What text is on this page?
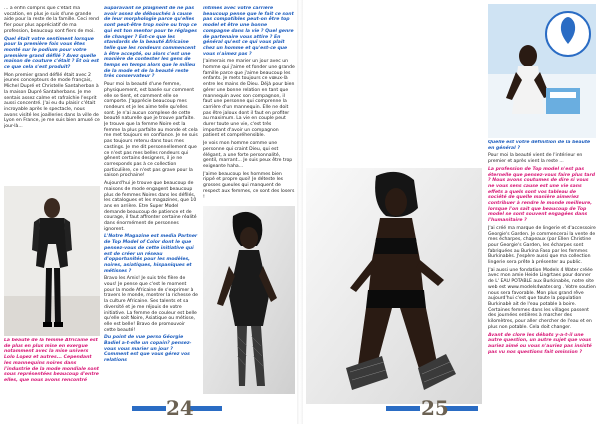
... a enfin compris que c'était ma vocation, en plus je suis d'une grande aide pour la reste de la famille. Ceci rend fier pour plus appréciatif de ma profession, beaucoup sont fiers de moi.

Quel était votre sentiment lorsque pour la première fois vous êtes monté sur le podium pour votre première grand défilé ? Avez quelle maison de couture c'était ? Et où est ce que cela s'est produit?

Mon premier grand défilé était avec 2 jeunes concepteurs de mode français, Michel Dupré et Christelle Santaherban à la maison Dupré Santaherbans. Je me sentais assez calme et rafraîchie l'esprit aussi concentré. J'ai eu du plaisir c'était incroyable après le spectacle, nous avons visité les joailleries dans la ville de Lyon en France, je me suis bien amusé ce jour-là...

La beauté de la femme Africaine est de plus en plus mise en exergue notamment avec la mise univers Lolo Lopez et autres... Cependant les mannequins noires dans l'industrie de la mode mondiale sont sous représentées beaucoup d'entre elles, que nous avons rencontré

auparavant se plaignent de ne pas avoir assez de débouchés à cause de leur morphologie parce qu'elles sont peut-être trop noire ou trop ce qui est ton mentor pour te réglages de changer ? Est-ce que les standards de la beauté Africaine telle que les rondeurs commencent à être accepté, ou alors c'est une manière de contester les gens de temps en temps alors que le milieu de la mode et de la beauté reste très conservateur ?

Pour moi la beauté d'une femme, physiquement, est basée sur comment elle se tient, et comment elle se comporte. J'apprécie beaucoup mes rondeurs et je les aime telle qu'elles sont. Je n'ai aucun complexe de cette beauté naturelle que je trouve parfaite. Je trouve que la femme Noire est la femme la plus parfaite au monde et cela me met toujours en confiance. Je ne suis pas toujours retenu dans tous mes castings. Je me dit personnellement que ce n'est pas mes belles rondeurs qui gênent certains designers, il je ne corresponds pas à ce collection particulière, ce n'est pas grave pour la saison prochaine!

Aujourd'hui je trouve que beaucoup de maisons de mode engagent beaucoup plus de femmes Noires dans les défilés, les catalogues et les magazines, que 10 ans en arrière. Etre Super Model demande beaucoup de patience et de courage, il faut affronter certaine réalité dans énormément de personnes ignorent.

L'Notre Magazine est media Partner de Top Model of Color dont le que pensez-vous de cette initiative qui est de créer un réseau d'opportunités pour les modèles, noires, asiatiques, hispaniques et métisses ?

Bravo les Amis! Je suis très fière de vous! Je pense que c'est le moment pour la mode Africaine de s'exprimer à travers le monde, montrer la richesse de la culture Africaine. Ses talents et sa diversité et je me réjouis de votre initiative. La femme de couleur est belle qu'elle soit Noire, Asiatique ou métisse, elle est belle! Bravo de promouvoir cette beauté!

Du point de vue perso Géorgie Badiel a-t-elle un copain? pensez-vous vous marier un jour ? Comment est que vous gérez vos relations

intimes avec votre carrière beaucoup pense que le fait ce sont pas compatibles peut-on être top model et être une bonne compagne dans la vie ? Quel genre de partenaire vous attire ? En général qu'est ce qui vous plait chez un homme et qu'est-ce que vous n'aimez pas ?

J'aimerais me marier un jour avec un homme qui j'aime et fonder une grande famille parce que j'aime beaucoup les enfants. Je mets toujours ce vœux-là entre les mains de Dieu. Déjà pour bien gérer une bonne relation en tant que mannequin avec son compagnon, il faut une personne qui comprenne la carrière d'un mannequin. Elle ne doit pas être jaloux dont il faut en profiter au maximum. La vie en couple peut durer toute une vie, c'est très important d'avoir un compagnon patient et compréhensible.

Je vois mon homme comme une personne qui craint Dieu, qui est élégant, a une forte personnalité, gentil, marrant... Je suis peux être trop exigeante haha...

J'aime beaucoup les hommes bien rippé et propre quoi! Je déteste les grosses gueules qui manquent de respect aux femmes, ce sont des losers !

24

Quelle est votre définition de la beauté en général ?

Pour moi la beauté vient de l'intérieur en premier et après vient la reste ...

La profession de Top model n'est pas éternelle que pensez-vous faire plus tard ? Nous avons coutumes de dire si vous ne vous sens cause est une vie sans effets a quels sont vos tableau de société de quelle manière aimeriez contribuer à rendre le monde meilleure, lorsque l'on sait que beaucoup de Top model se sont souvent engagées dans l'humanitaire ?

J'ai créé ma marque de lingerie et d'accessoire Georgie's Garden. Je commencerai la vente de mes écharpes, chapeaux (par Ellen Christine pour Georgie's Garden, les écharpes sont fabriquées au Burkina Faso par les femmes Burkinabès. J'espère aussi que ma collection lingerie sera prête à présenter au public.

J'ai aussi une fondation Models 4 Water créée avec mon amie Heide Lingrtaes pour donner de L' EAU POTABLE aux Burkinabès, notre site web est www.models4water.org . Votre soutien nous sera favorable. Mon plus grand rêve aujourd'hui c'est que toute la population Burkinabè ait de l'eau potable à boire. Certaines femmes dans les villages passent des journées entières à marcher des kilomètres, pour aller chercher de l'eau et en plus non potable. Cela doit changer.

Avant de clore les débats y-a-t-il une autre question, un autre sujet que vous auriez aimé ou vous n'auriez pas insisté pas vu nos questions fait omission ?

25
